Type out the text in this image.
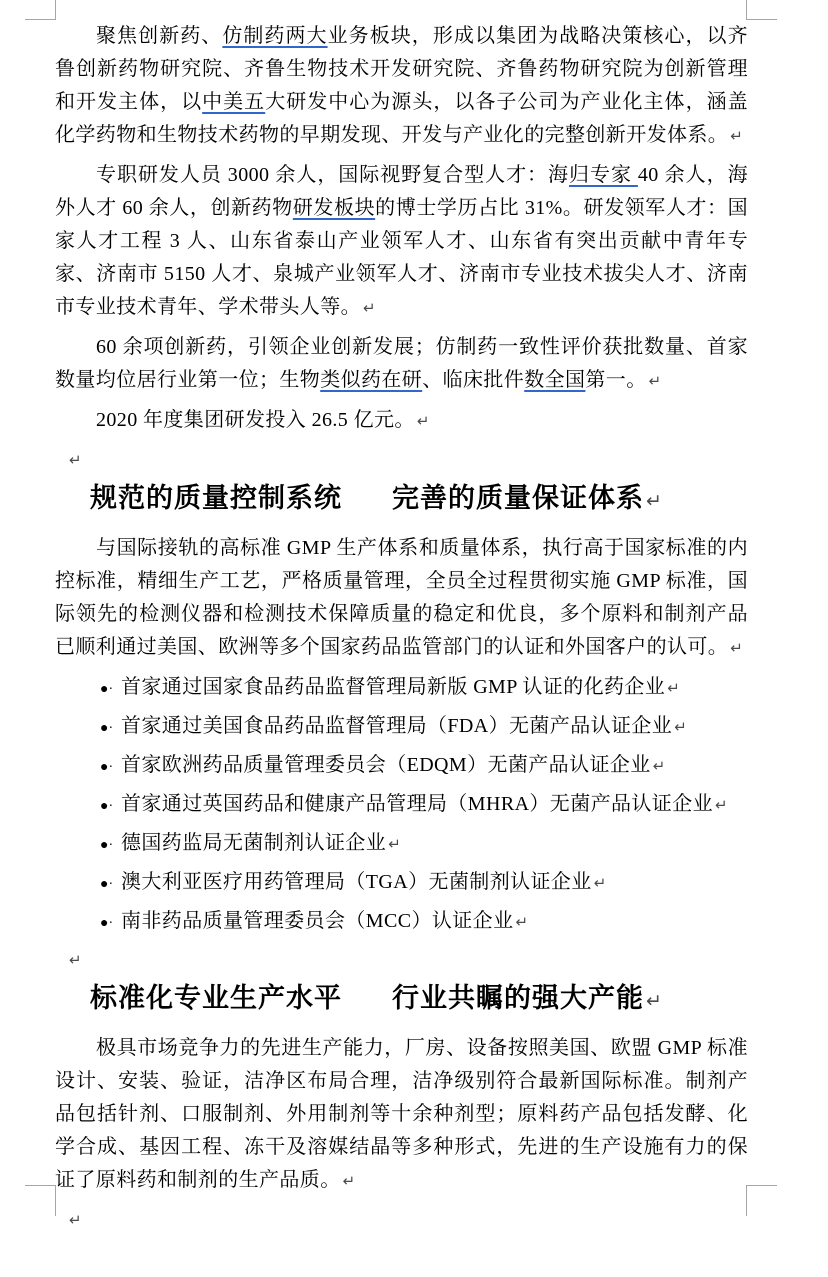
聚焦创新药、仿制药两大业务板块，形成以集团为战略决策核心，以齐鲁创新药物研究院、齐鲁生物技术开发研究院、齐鲁药物研究院为创新管理和开发主体，以中美五大研发中心为源头，以各子公司为产业化主体，涵盖化学药物和生物技术药物的早期发现、开发与产业化的完整创新开发体系。 ↵
专职研发人员 3000 余人，国际视野复合型人才：海归专家 40 余人，海外人才 60 余人，创新药物研发板块的博士学历占比 31%。研发领军人才：国家人才工程 3 人、山东省泰山产业领军人才、山东省有突出贡献中青年专家、济南市 5150 人才、泉城产业领军人才、济南市专业技术拔尖人才、济南市专业技术青年、学术带头人等。 ↵
60 余项创新药，引领企业创新发展；仿制药一致性评价获批数量、首家数量均位居行业第一位；生物类似药在研、临床批件数全国第一。 ↵
2020 年度集团研发投入 26.5 亿元。 ↵
↵
规范的质量控制系统 完善的质量保证体系 ↵
与国际接轨的高标准 GMP 生产体系和质量体系，执行高于国家标准的内控标准，精细生产工艺，严格质量管理，全员全过程贯彻实施 GMP 标准，国际领先的检测仪器和检测技术保障质量的稳定和优良，多个原料和制剂产品已顺利通过美国、欧洲等多个国家药品监管部门的认证和外国客户的认可。 ↵
●· 首家通过国家食品药品监督管理局新版 GMP 认证的化药企业 ↵
●· 首家通过美国食品药品监督管理局（FDA）无菌产品认证企业 ↵
●· 首家欧洲药品质量管理委员会（EDQM）无菌产品认证企业 ↵
●· 首家通过英国药品和健康产品管理局（MHRA）无菌产品认证企业 ↵
●· 德国药监局无菌制剂认证企业 ↵
●· 澳大利亚医疗用药管理局（TGA）无菌制剂认证企业 ↵
●· 南非药品质量管理委员会（MCC）认证企业 ↵
↵
标准化专业生产水平 行业共瞩的强大产能 ↵
极具市场竞争力的先进生产能力，厂房、设备按照美国、欧盟 GMP 标准设计、安装、验证，洁净区布局合理，洁净级别符合最新国际标准。制剂产品包括针剂、口服制剂、外用制剂等十余种剂型；原料药产品包括发酵、化学合成、基因工程、冻干及溶媒结晶等多种形式，先进的生产设施有力的保证了原料药和制剂的生产品质。 ↵
↵
